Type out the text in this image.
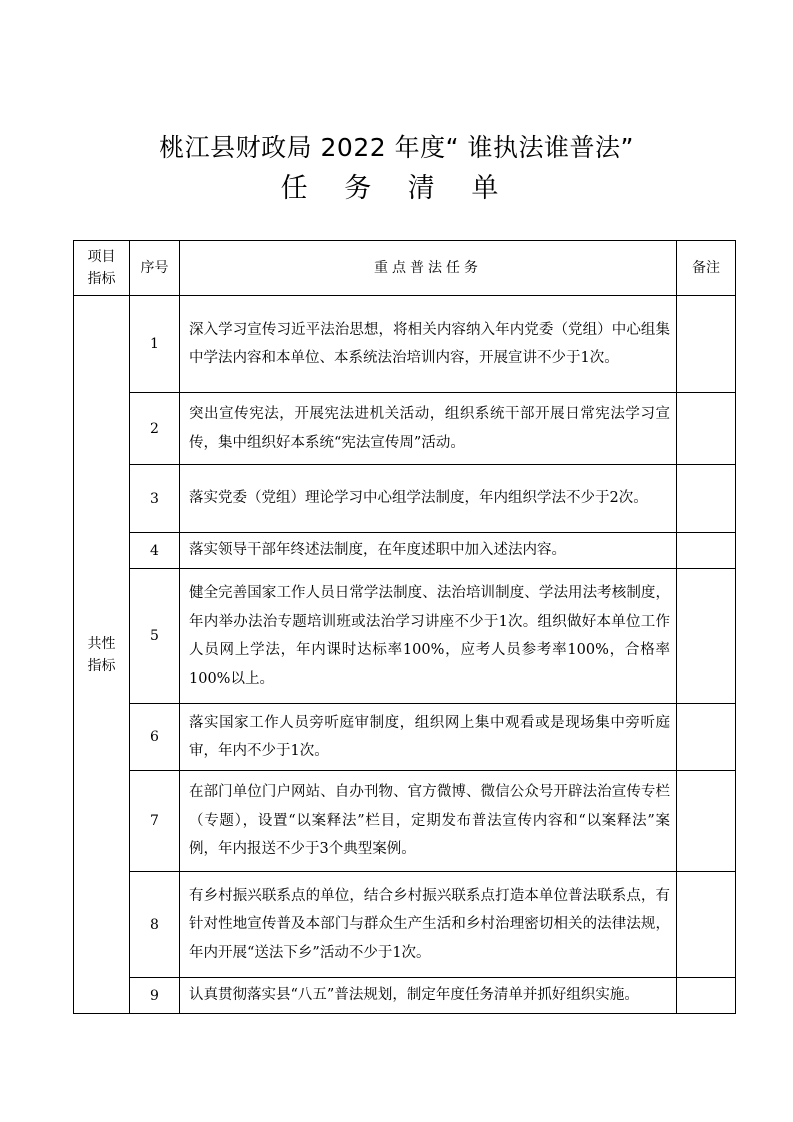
桃江县财政局 2022 年度“ 谁执法谁普法”
任 务 清 单
项目
指标	序号	重点普法任务	备注

共性
指标	1	深入学习宣传习近平法治思想，将相关内容纳入年内党委（党组）中心组集中学法内容和本单位、本系统法治培训内容，开展宣讲不少于1次。	
	2	突出宣传宪法，开展宪法进机关活动，组织系统干部开展日常宪法学习宣传，集中组织好本系统“宪法宣传周”活动。	
	3	落实党委（党组）理论学习中心组学法制度，年内组织学法不少于2次。	
	4	落实领导干部年终述法制度，在年度述职中加入述法内容。	
	5	健全完善国家工作人员日常学法制度、法治培训制度、学法用法考核制度，年内举办法治专题培训班或法治学习讲座不少于1次。组织做好本单位工作人员网上学法，年内课时达标率100%，应考人员参考率100%，合格率100%以上。	
	6	落实国家工作人员旁听庭审制度，组织网上集中观看或是现场集中旁听庭审，年内不少于1次。	
	7	在部门单位门户网站、自办刊物、官方微博、微信公众号开辟法治宣传专栏（专题），设置“以案释法”栏目，定期发布普法宣传内容和“以案释法”案例，年内报送不少于3个典型案例。	
	8	有乡村振兴联系点的单位，结合乡村振兴联系点打造本单位普法联系点，有针对性地宣传普及本部门与群众生产生活和乡村治理密切相关的法律法规，年内开展“送法下乡”活动不少于1次。	
	9	认真贯彻落实县“八五”普法规划，制定年度任务清单并抓好组织实施。	
